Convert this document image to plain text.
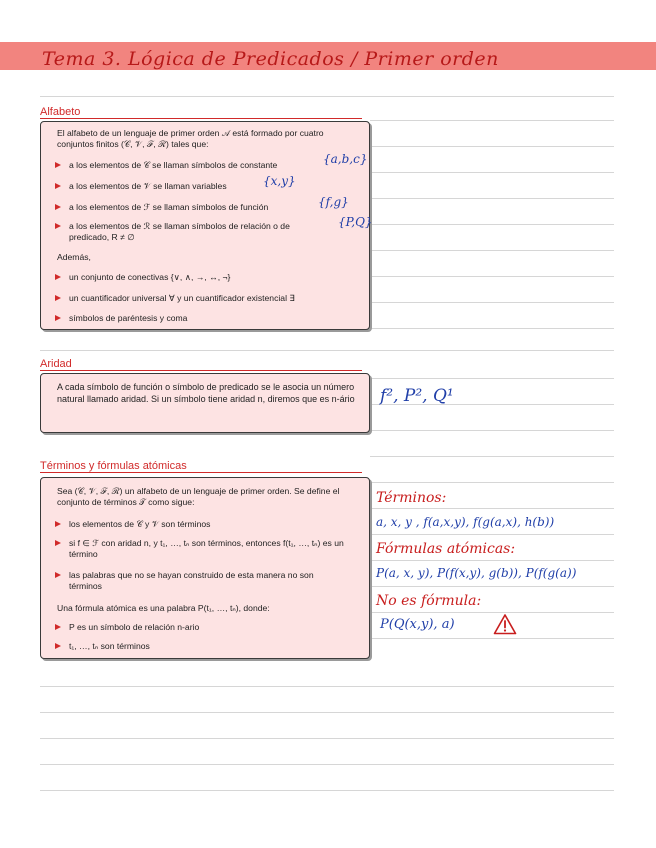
Tema 3. Lógica de Predicados / Primer orden
Alfabeto
El alfabeto de un lenguaje de primer orden 𝒜 está formado por cuatro conjuntos finitos (𝒞, 𝒱, ℱ, ℛ) tales que:
a los elementos de 𝒞 se llaman símbolos de constante
a los elementos de 𝒱 se llaman variables
a los elementos de ℱ se llaman símbolos de función
a los elementos de ℛ se llaman símbolos de relación o de predicado, R ≠ ∅
Además,
un conjunto de conectivas {∨, ∧, →, ↔, ¬}
un cuantificador universal ∀ y un cuantificador existencial ∃
símbolos de paréntesis y coma
{a,b,c}
{x,y}
{f,g}
{P,Q}
Aridad
A cada símbolo de función o símbolo de predicado se le asocia un número natural llamado aridad. Si un símbolo tiene aridad n, diremos que es n-ário f², P², Q¹
Términos y fórmulas atómicas
Sea (𝒞, 𝒱, ℱ, ℛ) un alfabeto de un lenguaje de primer orden. Se define el conjunto de términos 𝒯 como sigue:
los elementos de 𝒞 y 𝒱 son términos
si f ∈ ℱ con aridad n, y t₁, …, tₙ son términos, entonces f(t₁, …, tₙ) es un término
las palabras que no se hayan construido de esta manera no son términos
Una fórmula atómica es una palabra P(t₁, …, tₙ), donde:
P es un símbolo de relación n-ario
t₁, …, tₙ son términos
Términos:
a, x, y , f(a,x,y), f(g(a,x), h(b))
Fórmulas atómicas:
P(a, x, y), P(f(x,y), g(b)), P(f(g(a))
No es fórmula:
P(Q(x,y), a)
